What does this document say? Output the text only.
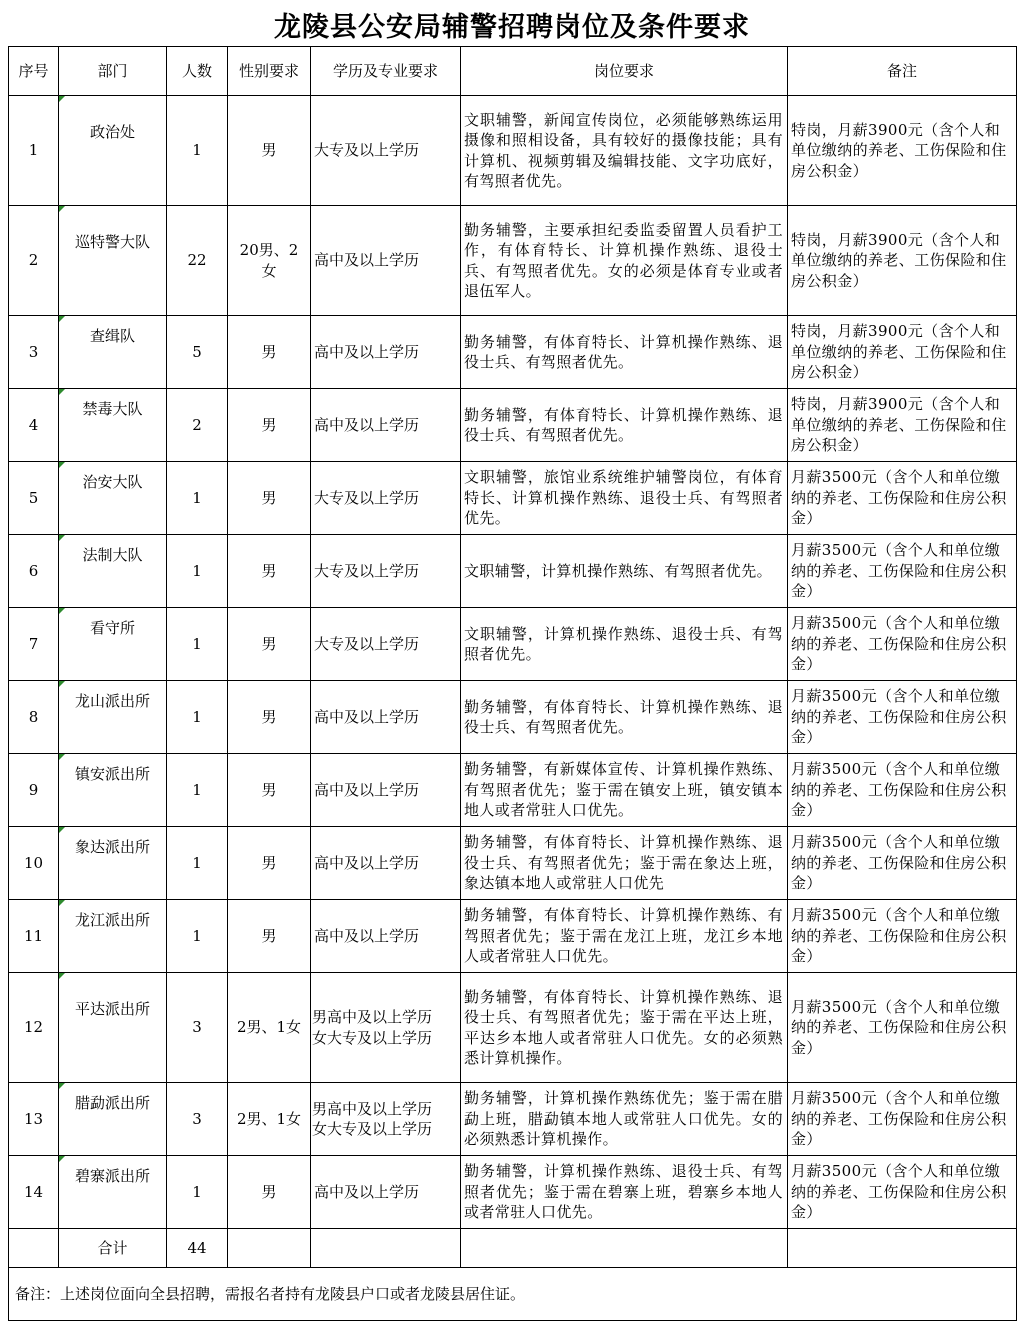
龙陵县公安局辅警招聘岗位及条件要求
序号	部门	人数	性别要求	学历及专业要求	岗位要求	备注
1	政治处	1	男	大专及以上学历	文职辅警，新闻宣传岗位，必须能够熟练运用摄像和照相设备，具有较好的摄像技能；具有计算机、视频剪辑及编辑技能、文字功底好，有驾照者优先。	特岗，月薪3900元（含个人和单位缴纳的养老、工伤保险和住房公积金）
2	巡特警大队	22	20男、2女	高中及以上学历	勤务辅警，主要承担纪委监委留置人员看护工作，有体育特长、计算机操作熟练、退役士兵、有驾照者优先。女的必须是体育专业或者退伍军人。	特岗，月薪3900元（含个人和单位缴纳的养老、工伤保险和住房公积金）
3	查缉队	5	男	高中及以上学历	勤务辅警，有体育特长、计算机操作熟练、退役士兵、有驾照者优先。	特岗，月薪3900元（含个人和单位缴纳的养老、工伤保险和住房公积金）
4	禁毒大队	2	男	高中及以上学历	勤务辅警，有体育特长、计算机操作熟练、退役士兵、有驾照者优先。	特岗，月薪3900元（含个人和单位缴纳的养老、工伤保险和住房公积金）
5	治安大队	1	男	大专及以上学历	文职辅警，旅馆业系统维护辅警岗位，有体育特长、计算机操作熟练、退役士兵、有驾照者优先。	月薪3500元（含个人和单位缴纳的养老、工伤保险和住房公积金）
6	法制大队	1	男	大专及以上学历	文职辅警，计算机操作熟练、有驾照者优先。	月薪3500元（含个人和单位缴纳的养老、工伤保险和住房公积金）
7	看守所	1	男	大专及以上学历	文职辅警，计算机操作熟练、退役士兵、有驾照者优先。	月薪3500元（含个人和单位缴纳的养老、工伤保险和住房公积金）
8	龙山派出所	1	男	高中及以上学历	勤务辅警，有体育特长、计算机操作熟练、退役士兵、有驾照者优先。	月薪3500元（含个人和单位缴纳的养老、工伤保险和住房公积金）
9	镇安派出所	1	男	高中及以上学历	勤务辅警，有新媒体宣传、计算机操作熟练、有驾照者优先；鉴于需在镇安上班，镇安镇本地人或者常驻人口优先。	月薪3500元（含个人和单位缴纳的养老、工伤保险和住房公积金）
10	象达派出所	1	男	高中及以上学历	勤务辅警，有体育特长、计算机操作熟练、退役士兵、有驾照者优先；鉴于需在象达上班，象达镇本地人或常驻人口优先	月薪3500元（含个人和单位缴纳的养老、工伤保险和住房公积金）
11	龙江派出所	1	男	高中及以上学历	勤务辅警，有体育特长、计算机操作熟练、有驾照者优先；鉴于需在龙江上班，龙江乡本地人或者常驻人口优先。	月薪3500元（含个人和单位缴纳的养老、工伤保险和住房公积金）
12	平达派出所	3	2男、1女	男高中及以上学历
女大专及以上学历	勤务辅警，有体育特长、计算机操作熟练、退役士兵、有驾照者优先；鉴于需在平达上班，平达乡本地人或者常驻人口优先。女的必须熟悉计算机操作。	月薪3500元（含个人和单位缴纳的养老、工伤保险和住房公积金）
13	腊勐派出所	3	2男、1女	男高中及以上学历
女大专及以上学历	勤务辅警，计算机操作熟练优先；鉴于需在腊勐上班，腊勐镇本地人或常驻人口优先。女的必须熟悉计算机操作。	月薪3500元（含个人和单位缴纳的养老、工伤保险和住房公积金）
14	碧寨派出所	1	男	高中及以上学历	勤务辅警，计算机操作熟练、退役士兵、有驾照者优先；鉴于需在碧寨上班，碧寨乡本地人或者常驻人口优先。	月薪3500元（含个人和单位缴纳的养老、工伤保险和住房公积金）
	合计	44				
备注：上述岗位面向全县招聘，需报名者持有龙陵县户口或者龙陵县居住证。						
